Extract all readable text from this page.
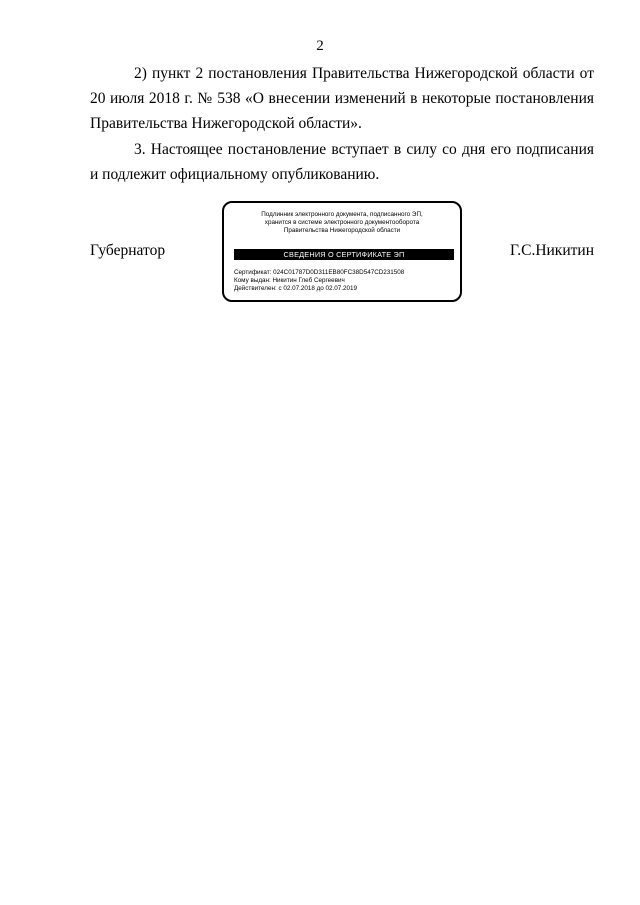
2

2) пункт 2 постановления Правительства Нижегородской области от 20 июля 2018 г. № 538 «О внесении изменений в некоторые постановления Правительства Нижегородской области».

3. Настоящее постановление вступает в силу со дня его подписания и подлежит официальному опубликованию.

Губернатор
Подлинник электронного документа, подписанного ЭП,
хранится в системе электронного документооборота
Правительства Нижегородской области
СВЕДЕНИЯ О СЕРТИФИКАТЕ ЭП
Сертификат: 024C01787D0D311EB80FC38D547CD231508
Кому выдан: Никитин Глеб Сергеевич
Действителен: с 02.07.2018 до 02.07.2019
Г.С.Никитин
